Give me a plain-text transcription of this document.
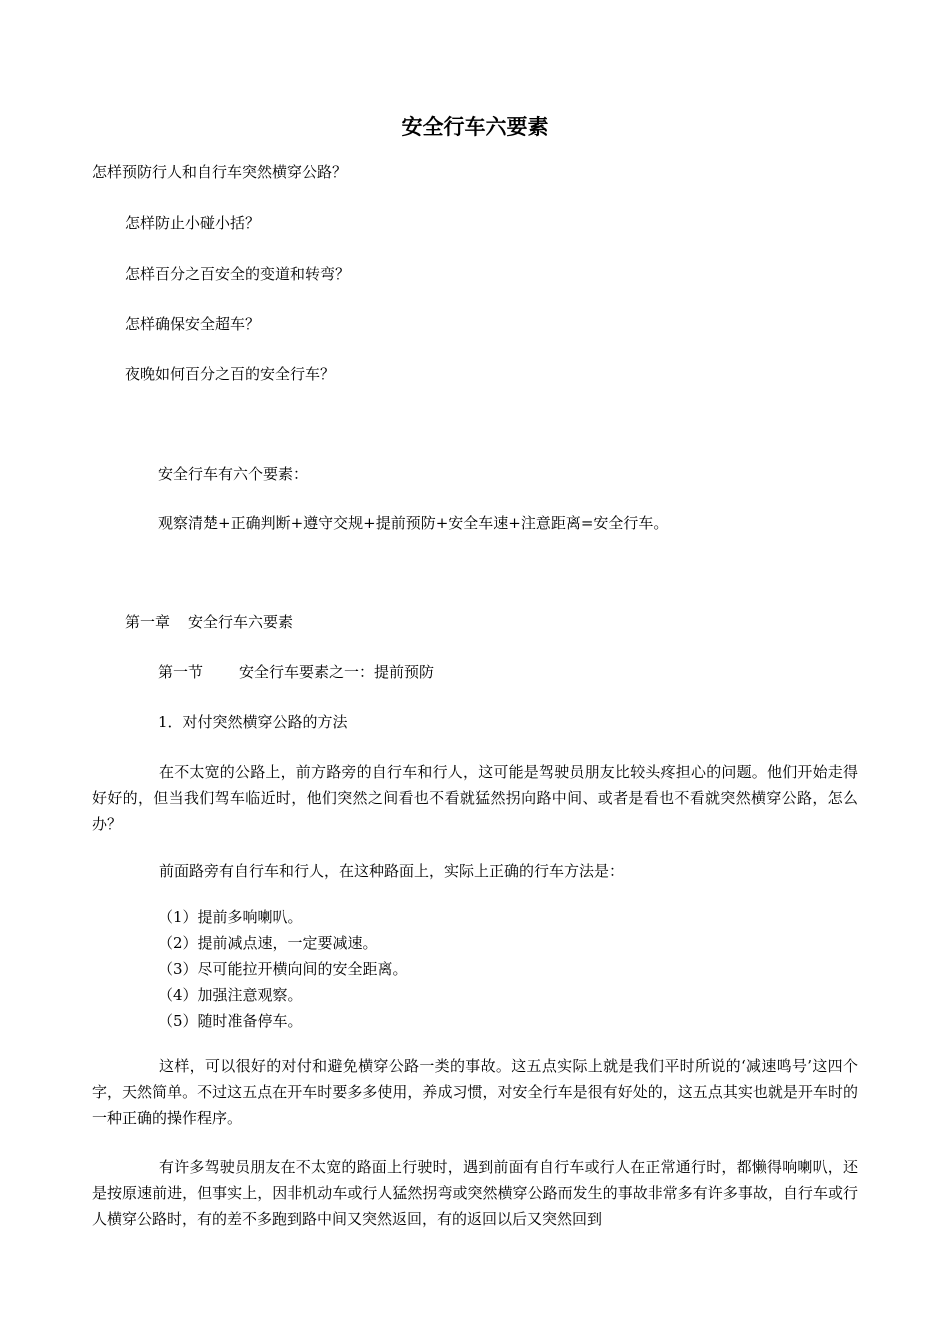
安全行车六要素
怎样预防行人和自行车突然横穿公路？
怎样防止小碰小括？
怎样百分之百安全的变道和转弯？
怎样确保安全超车？
夜晚如何百分之百的安全行车？
安全行车有六个要素：
观察清楚+正确判断+遵守交规+提前预防+安全车速+注意距离=安全行车。
第一章 安全行车六要素
第一节 安全行车要素之一：提前预防
1．对付突然横穿公路的方法
在不太宽的公路上，前方路旁的自行车和行人，这可能是驾驶员朋友比较头疼担心的问题。他们开始走得好好的，但当我们驾车临近时，他们突然之间看也不看就猛然拐向路中间、或者是看也不看就突然横穿公路，怎么办？
前面路旁有自行车和行人，在这种路面上，实际上正确的行车方法是：
（1）提前多响喇叭。
（2）提前减点速，一定要减速。
（3）尽可能拉开横向间的安全距离。
（4）加强注意观察。
（5）随时准备停车。
这样，可以很好的对付和避免横穿公路一类的事故。这五点实际上就是我们平时所说的‘减速鸣号’这四个字，天然简单。不过这五点在开车时要多多使用，养成习惯，对安全行车是很有好处的，这五点其实也就是开车时的一种正确的操作程序。
有许多驾驶员朋友在不太宽的路面上行驶时，遇到前面有自行车或行人在正常通行时，都懒得响喇叭，还是按原速前进，但事实上，因非机动车或行人猛然拐弯或突然横穿公路而发生的事故非常多有许多事故，自行车或行人横穿公路时，有的差不多跑到路中间又突然返回，有的返回以后又突然回到
